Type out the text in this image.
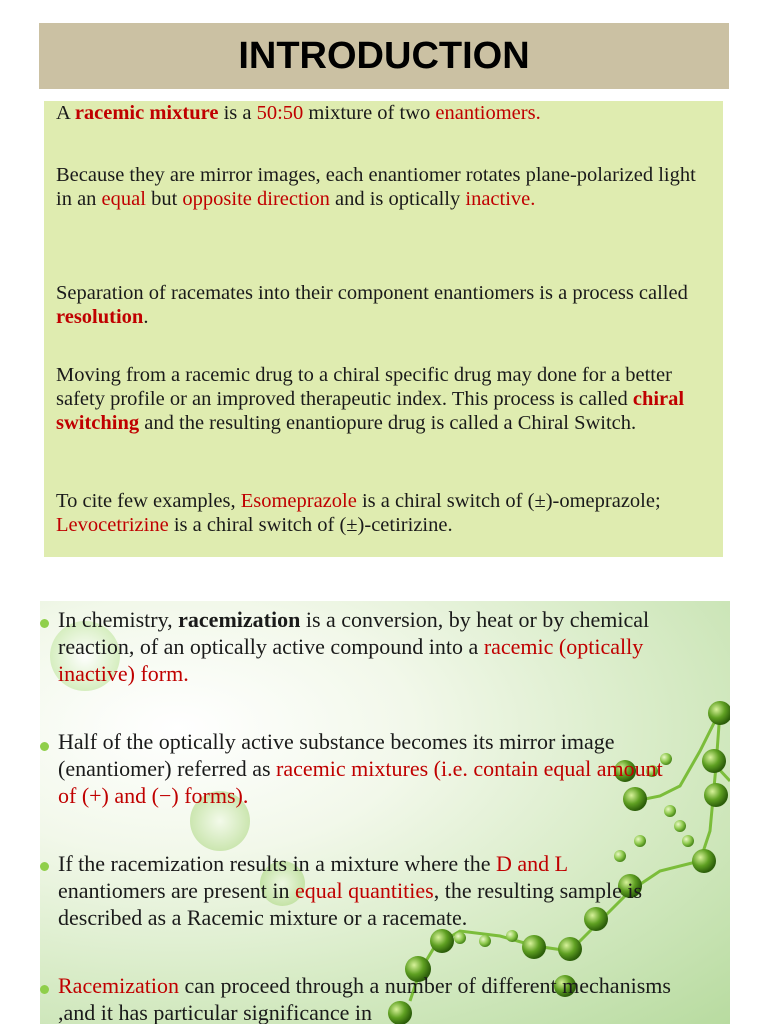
INTRODUCTION

A racemic mixture is a 50:50 mixture of two enantiomers.

Because they are mirror images, each enantiomer rotates plane-polarized light in an equal but opposite direction and is optically inactive.

Separation of racemates into their component enantiomers is a process called resolution.

Moving from a racemic drug to a chiral specific drug may done for a better safety profile or an improved therapeutic index. This process is called chiral switching and the resulting enantiopure drug is called a Chiral Switch.

To cite few examples, Esomeprazole is a chiral switch of (±)-omeprazole; Levocetrizine is a chiral switch of (±)-cetirizine.

In chemistry, racemization is a conversion, by heat or by chemical reaction, of an optically active compound into a racemic (optically inactive) form.

Half of the optically active substance becomes its mirror image (enantiomer) referred as racemic mixtures (i.e. contain equal amount of (+) and (−) forms).

If the racemization results in a mixture where the D and L enantiomers are present in equal quantities, the resulting sample is described as a Racemic mixture or a racemate.

Racemization can proceed through a number of different mechanisms ,and it has particular significance in
